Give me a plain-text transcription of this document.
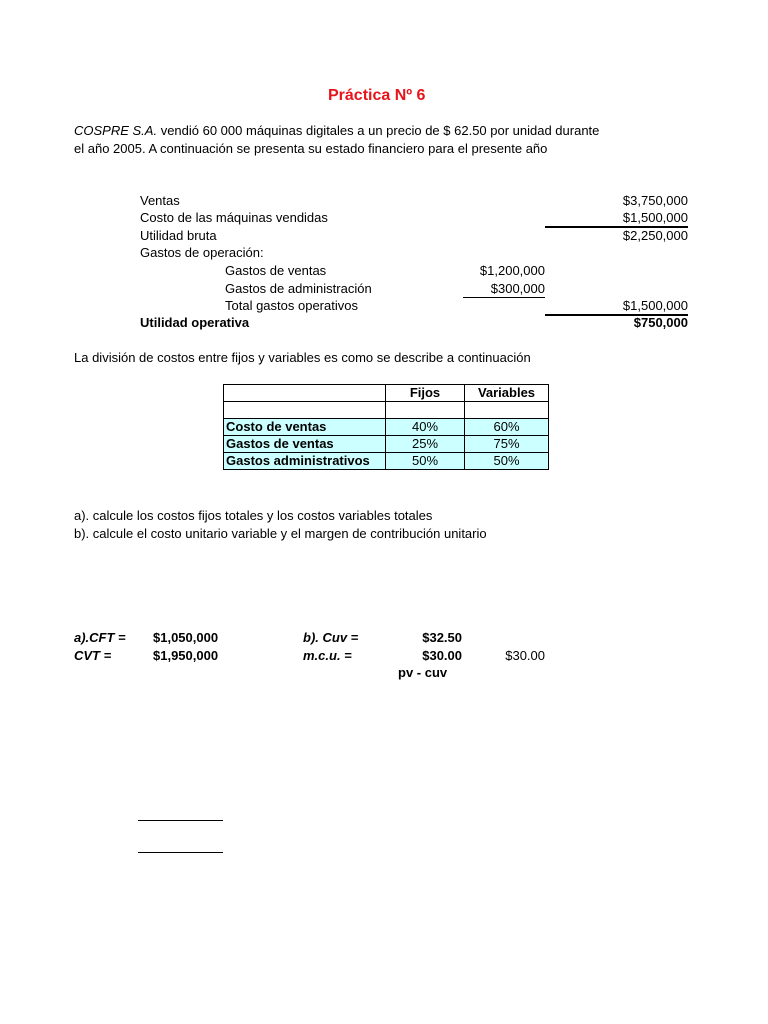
Práctica Nº 6
COSPRE S.A. vendió 60 000 máquinas digitales a un precio de $ 62.50 por unidad durante
el año 2005. A continuación se presenta su estado financiero para el presente año
Ventas	$3,750,000
Costo de las máquinas vendidas	$1,500,000
Utilidad bruta	$2,250,000
Gastos de operación:
Gastos de ventas	$1,200,000
Gastos de administración	$300,000
Total gastos operativos	$1,500,000
Utilidad operativa	$750,000
La división de costos entre fijos y variables es como se describe a continuación
	Fijos	Variables

Costo de ventas	40%	60%
Gastos de ventas	25%	75%
Gastos administrativos	50%	50%
a). calcule los costos fijos totales y los costos variables totales
b). calcule el costo unitario variable y el margen de contribución unitario
a).CFT = $1,050,000	b). Cuv =	$32.50
CVT =	$1,950,000	m.c.u. =	$30.00	$30.00
pv - cuv
